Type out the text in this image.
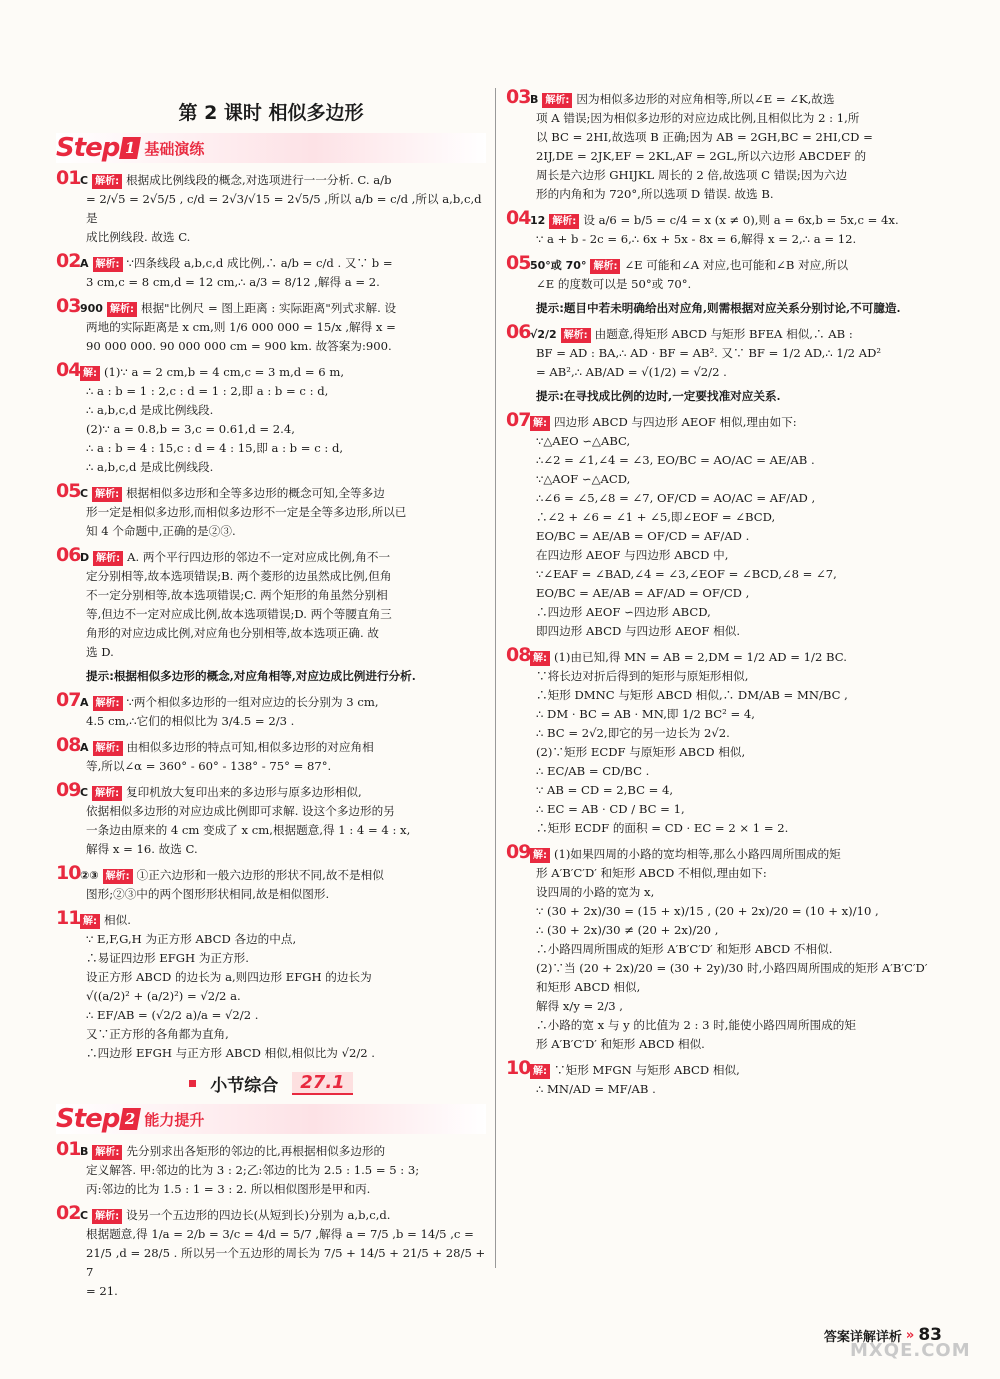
第 2 课时 相似多边形
Step 1 基础演练

01C 解析: 根据成比例线段的概念,对选项进行一一分析. C. a/b

= 2/√5 = 2√5/5 , c/d = 2√3/√15 = 2√5/5 ,所以 a/b = c/d ,所以 a,b,c,d 是

成比例线段. 故选 C.

02A 解析: ∵四条线段 a,b,c,d 成比例,∴ a/b = c/d . 又∵ b =

3 cm,c = 8 cm,d = 12 cm,∴ a/3 = 8/12 ,解得 a = 2.

03900 解析: 根据"比例尺 = 图上距离 : 实际距离"列式求解. 设

两地的实际距离是 x cm,则 1/6 000 000 = 15/x ,解得 x =

90 000 000. 90 000 000 cm = 900 km. 故答案为:900.

04 解: (1)∵ a = 2 cm,b = 4 cm,c = 3 m,d = 6 m,

∴ a : b = 1 : 2,c : d = 1 : 2,即 a : b = c : d,

∴ a,b,c,d 是成比例线段.

(2)∵ a = 0.8,b = 3,c = 0.61,d = 2.4,

∴ a : b = 4 : 15,c : d = 4 : 15,即 a : b = c : d,

∴ a,b,c,d 是成比例线段.

05C 解析: 根据相似多边形和全等多边形的概念可知,全等多边

形一定是相似多边形,而相似多边形不一定是全等多边形,所以已

知 4 个命题中,正确的是②③.

06D 解析: A. 两个平行四边形的邻边不一定对应成比例,角不一

定分别相等,故本选项错误;B. 两个菱形的边虽然成比例,但角

不一定分别相等,故本选项错误;C. 两个矩形的角虽然分别相

等,但边不一定对应成比例,故本选项错误;D. 两个等腰直角三

角形的对应边成比例,对应角也分别相等,故本选项正确. 故

选 D.

提示:根据相似多边形的概念,对应角相等,对应边成比例进行分析.

07A 解析: ∵两个相似多边形的一组对应边的长分别为 3 cm,

4.5 cm,∴它们的相似比为 3/4.5 = 2/3 .

08A 解析: 由相似多边形的特点可知,相似多边形的对应角相

等,所以∠α = 360° - 60° - 138° - 75° = 87°.

09C 解析: 复印机放大复印出来的多边形与原多边形相似,

依据相似多边形的对应边成比例即可求解. 设这个多边形的另

一条边由原来的 4 cm 变成了 x cm,根据题意,得 1 : 4 = 4 : x,

解得 x = 16. 故选 C.

10②③ 解析: ①正六边形和一般六边形的形状不同,故不是相似

图形;②③中的两个图形形状相同,故是相似图形.

11 解: 相似.

∵ E,F,G,H 为正方形 ABCD 各边的中点,

∴易证四边形 EFGH 为正方形.

设正方形 ABCD 的边长为 a,则四边形 EFGH 的边长为

√((a/2)² + (a/2)²) = √2/2 a.

∴ EF/AB = (√2/2 a)/a = √2/2 .

又∵正方形的各角都为直角,

∴四边形 EFGH 与正方形 ABCD 相似,相似比为 √2/2 .

小节综合	27.1
Step 2 能力提升

01B 解析: 先分别求出各矩形的邻边的比,再根据相似多边形的

定义解答. 甲:邻边的比为 3 : 2;乙:邻边的比为 2.5 : 1.5 = 5 : 3;

丙:邻边的比为 1.5 : 1 = 3 : 2. 所以相似图形是甲和丙.

02C 解析: 设另一个五边形的四边长(从短到长)分别为 a,b,c,d.

根据题意,得 1/a = 2/b = 3/c = 4/d = 5/7 ,解得 a = 7/5 ,b = 14/5 ,c =

21/5 ,d = 28/5 . 所以另一个五边形的周长为 7/5 + 14/5 + 21/5 + 28/5 + 7

= 21.

03B 解析: 因为相似多边形的对应角相等,所以∠E = ∠K,故选

项 A 错误;因为相似多边形的对应边成比例,且相似比为 2 : 1,所

以 BC = 2HI,故选项 B 正确;因为 AB = 2GH,BC = 2HI,CD =

2IJ,DE = 2JK,EF = 2KL,AF = 2GL,所以六边形 ABCDEF 的

周长是六边形 GHIJKL 周长的 2 倍,故选项 C 错误;因为六边

形的内角和为 720°,所以选项 D 错误. 故选 B.

0412 解析: 设 a/6 = b/5 = c/4 = x (x ≠ 0),则 a = 6x,b = 5x,c = 4x.

∵ a + b - 2c = 6,∴ 6x + 5x - 8x = 6,解得 x = 2,∴ a = 12.

0550°或 70° 解析: ∠E 可能和∠A 对应,也可能和∠B 对应,所以

∠E 的度数可以是 50°或 70°.

提示:题目中若未明确给出对应角,则需根据对应关系分别讨论,不可臆造.

06√2/2 解析: 由题意,得矩形 ABCD 与矩形 BFEA 相似,∴ AB :

BF = AD : BA,∴ AD · BF = AB². 又∵ BF = 1/2 AD,∴ 1/2 AD²

= AB²,∴ AB/AD = √(1/2) = √2/2 .

提示:在寻找成比例的边时,一定要找准对应关系.

07 解: 四边形 ABCD 与四边形 AEOF 相似,理由如下:

∵△AEO ∽△ABC,

∴∠2 = ∠1,∠4 = ∠3, EO/BC = AO/AC = AE/AB .

∵△AOF ∽△ACD,

∴∠6 = ∠5,∠8 = ∠7, OF/CD = AO/AC = AF/AD ,

∴∠2 + ∠6 = ∠1 + ∠5,即∠EOF = ∠BCD,

EO/BC = AE/AB = OF/CD = AF/AD .

在四边形 AEOF 与四边形 ABCD 中,

∵∠EAF = ∠BAD,∠4 = ∠3,∠EOF = ∠BCD,∠8 = ∠7,

EO/BC = AE/AB = AF/AD = OF/CD ,

∴四边形 AEOF ∽四边形 ABCD,

即四边形 ABCD 与四边形 AEOF 相似.

08 解: (1)由已知,得 MN = AB = 2,DM = 1/2 AD = 1/2 BC.

∵将长边对折后得到的矩形与原矩形相似,

∴矩形 DMNC 与矩形 ABCD 相似,∴ DM/AB = MN/BC ,

∴ DM · BC = AB · MN,即 1/2 BC² = 4,

∴ BC = 2√2,即它的另一边长为 2√2.

(2)∵矩形 ECDF 与原矩形 ABCD 相似,

∴ EC/AB = CD/BC .

∵ AB = CD = 2,BC = 4,

∴ EC = AB · CD / BC = 1,

∴矩形 ECDF 的面积 = CD · EC = 2 × 1 = 2.

09 解: (1)如果四周的小路的宽均相等,那么小路四周所围成的矩

形 A′B′C′D′ 和矩形 ABCD 不相似,理由如下:

设四周的小路的宽为 x,

∵ (30 + 2x)/30 = (15 + x)/15 , (20 + 2x)/20 = (10 + x)/10 ,

∴ (30 + 2x)/30 ≠ (20 + 2x)/20 ,

∴小路四周所围成的矩形 A′B′C′D′ 和矩形 ABCD 不相似.

(2)∵当 (20 + 2x)/20 = (30 + 2y)/30 时,小路四周所围成的矩形 A′B′C′D′

和矩形 ABCD 相似,

解得 x/y = 2/3 ,

∴小路的宽 x 与 y 的比值为 2 : 3 时,能使小路四周所围成的矩

形 A′B′C′D′ 和矩形 ABCD 相似.

10 解: ∵矩形 MFGN 与矩形 ABCD 相似,

∴ MN/AD = MF/AB .

答案详解详析 » 83
MXQE.COM
